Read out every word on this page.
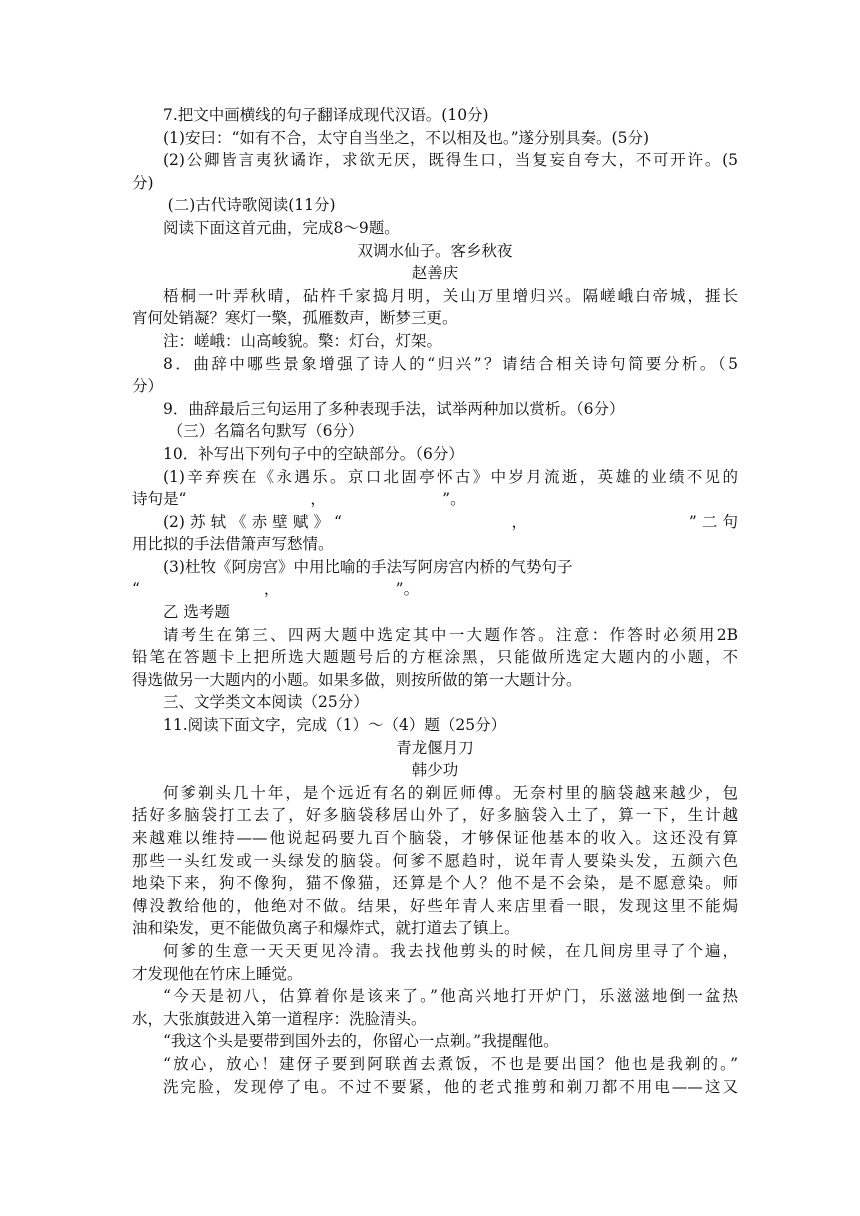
7.把文中画横线的句子翻译成现代汉语。(10分)
(1)安曰：“如有不合，太守自当坐之，不以相及也。”遂分别具奏。(5分)
(2)公卿皆言夷狄谲诈，求欲无厌，既得生口，当复妄自夸大，不可开许。(5
分)
(二)古代诗歌阅读(11分)
阅读下面这首元曲，完成8～9题。
双调水仙子。客乡秋夜
赵善庆
梧桐一叶弄秋晴，砧杵千家捣月明，关山万里增归兴。隔嵯峨白帝城，捱长
宵何处销凝？寒灯一檠，孤雁数声，断梦三更。
注：嵯峨：山高峻貌。檠：灯台，灯架。
8．曲辞中哪些景象增强了诗人的“归兴”？请结合相关诗句简要分析。（5
分）
9．曲辞最后三句运用了多种表现手法，试举两种加以赏析。（6分）
（三）名篇名句默写（6分）
10．补写出下列句子中的空缺部分。（6分）
(1)辛弃疾在《永遇乐。京口北固亭怀古》中岁月流逝，英雄的业绩不见的
诗句是“　　　　　　　　，　　　　　　　　”。
(2)苏轼《赤壁赋》“　　　　　　　　，　　　　　　　　”二句
用比拟的手法借箫声写愁情。
(3)杜牧《阿房宫》中用比喻的手法写阿房宫内桥的气势句子
“　　　　　　　　，　　　　　　　　”。
乙 选考题
请考生在第三、四两大题中选定其中一大题作答。注意：作答时必须用2B
铅笔在答题卡上把所选大题题号后的方框涂黑，只能做所选定大题内的小题，不
得选做另一大题内的小题。如果多做，则按所做的第一大题计分。
三、文学类文本阅读（25分）
11.阅读下面文字，完成（1）～（4）题（25分）
青龙偃月刀
韩少功
何爹剃头几十年，是个远近有名的剃匠师傅。无奈村里的脑袋越来越少，包
括好多脑袋打工去了，好多脑袋移居山外了，好多脑袋入土了，算一下，生计越
来越难以维持——他说起码要九百个脑袋，才够保证他基本的收入。这还没有算
那些一头红发或一头绿发的脑袋。何爹不愿趋时，说年青人要染头发，五颜六色
地染下来，狗不像狗，猫不像猫，还算是个人？他不是不会染，是不愿意染。师
傅没教给他的，他绝对不做。结果，好些年青人来店里看一眼，发现这里不能焗
油和染发，更不能做负离子和爆炸式，就打道去了镇上。
何爹的生意一天天更见冷清。我去找他剪头的时候，在几间房里寻了个遍，
才发现他在竹床上睡觉。
“今天是初八，估算着你是该来了。”他高兴地打开炉门，乐滋滋地倒一盆热
水，大张旗鼓进入第一道程序：洗脸清头。
“我这个头是要带到国外去的，你留心一点剃。”我提醒他。
“放心，放心！建伢子要到阿联酋去煮饭，不也是要出国？他也是我剃的。”
洗完脸，发现停了电。不过不要紧，他的老式推剪和剃刀都不用电——这又
